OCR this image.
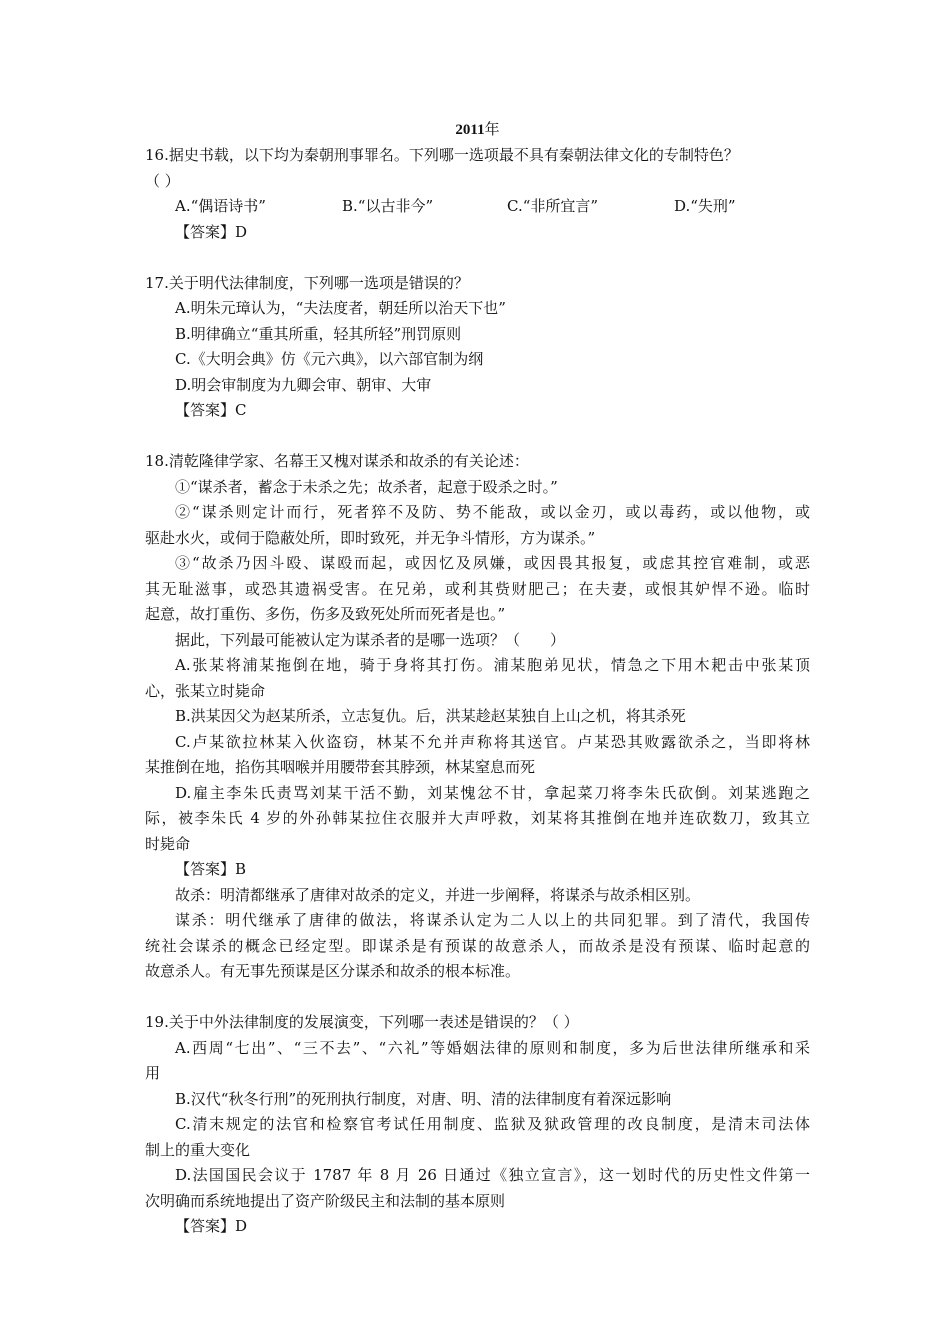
2011年
16.据史书载，以下均为秦朝刑事罪名。下列哪一选项最不具有秦朝法律文化的专制特色？
（ ）
A.“偶语诗书”	B.“以古非今”	C.“非所宜言”	D.“失刑”
【答案】D
17.关于明代法律制度，下列哪一选项是错误的？
A.明朱元璋认为，“夫法度者，朝廷所以治天下也”
B.明律确立“重其所重，轻其所轻”刑罚原则
C.《大明会典》仿《元六典》，以六部官制为纲
D.明会审制度为九卿会审、朝审、大审
【答案】C
18.清乾隆律学家、名幕王又槐对谋杀和故杀的有关论述：
①“谋杀者，蓄念于未杀之先；故杀者，起意于殴杀之时。”
②“谋杀则定计而行，死者猝不及防、势不能敌，或以金刃，或以毒药，或以他物，或
驱赴水火，或伺于隐蔽处所，即时致死，并无争斗情形，方为谋杀。”
③“故杀乃因斗殴、谋殴而起，或因忆及夙嫌，或因畏其报复，或虑其控官难制，或恶
其无耻滋事，或恐其遗祸受害。在兄弟，或利其赀财肥己；在夫妻，或恨其妒悍不逊。临时
起意，故打重伤、多伤，伤多及致死处所而死者是也。”
据此，下列最可能被认定为谋杀者的是哪一选项？（　　）
A.张某将浦某拖倒在地，骑于身将其打伤。浦某胞弟见状，情急之下用木耙击中张某顶
心，张某立时毙命
B.洪某因父为赵某所杀，立志复仇。后，洪某趁赵某独自上山之机，将其杀死
C.卢某欲拉林某入伙盗窃，林某不允并声称将其送官。卢某恐其败露欲杀之，当即将林
某推倒在地，掐伤其咽喉并用腰带套其脖颈，林某窒息而死
D.雇主李朱氏责骂刘某干活不勤，刘某愧忿不甘，拿起菜刀将李朱氏砍倒。刘某逃跑之
际，被李朱氏 4 岁的外孙韩某拉住衣服并大声呼救，刘某将其推倒在地并连砍数刀，致其立
时毙命
【答案】B
故杀：明清都继承了唐律对故杀的定义，并进一步阐释，将谋杀与故杀相区别。
谋杀：明代继承了唐律的做法，将谋杀认定为二人以上的共同犯罪。到了清代，我国传
统社会谋杀的概念已经定型。即谋杀是有预谋的故意杀人，而故杀是没有预谋、临时起意的
故意杀人。有无事先预谋是区分谋杀和故杀的根本标准。
19.关于中外法律制度的发展演变，下列哪一表述是错误的？（ ）
A.西周“七出”、“三不去”、“六礼”等婚姻法律的原则和制度，多为后世法律所继承和采
用
B.汉代“秋冬行刑”的死刑执行制度，对唐、明、清的法律制度有着深远影响
C.清末规定的法官和检察官考试任用制度、监狱及狱政管理的改良制度，是清末司法体
制上的重大变化
D.法国国民会议于 1787 年 8 月 26 日通过《独立宣言》，这一划时代的历史性文件第一
次明确而系统地提出了资产阶级民主和法制的基本原则
【答案】D
